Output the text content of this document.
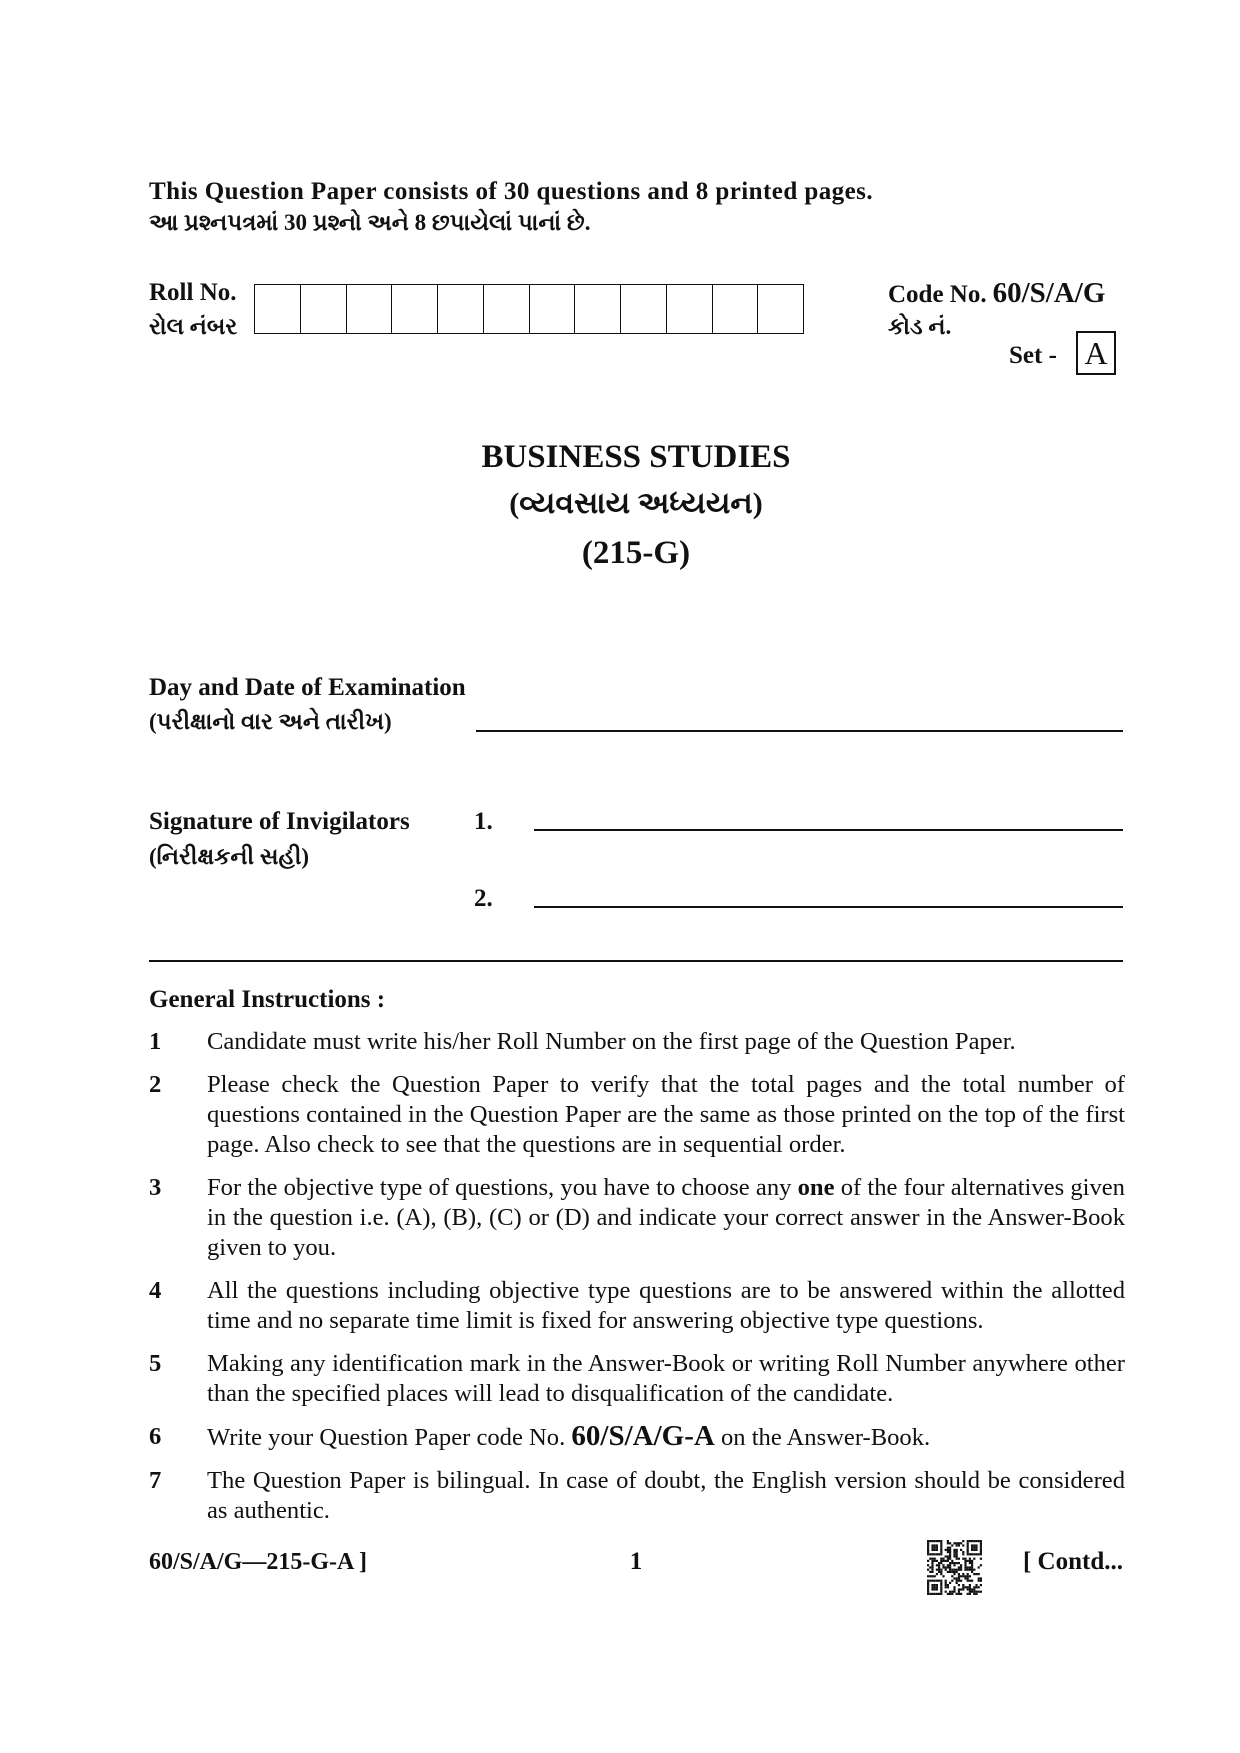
This Question Paper consists of 30 questions and 8 printed pages.
આ પ્રશ્નપત્રમાં 30 પ્રશ્નો અને 8 છપાયેલાં પાનાં છે.
Roll No.
રોલ નંબર
Code No. 60/S/A/G
કોડ નં.
Set - A
BUSINESS STUDIES
(વ્યવસાય અધ્યયન)
(215-G)
Day and Date of Examination
(પરીક્ષાનો વાર અને તારીખ)
Signature of Invigilators
(નિરીક્ષકની સહી)
1.
2.
General Instructions :
1	Candidate must write his/her Roll Number on the first page of the Question Paper.
2	Please check the Question Paper to verify that the total pages and the total number of questions contained in the Question Paper are the same as those printed on the top of the first page. Also check to see that the questions are in sequential order.
3	For the objective type of questions, you have to choose any one of the four alternatives given in the question i.e. (A), (B), (C) or (D) and indicate your correct answer in the Answer-Book given to you.
4	All the questions including objective type questions are to be answered within the allotted time and no separate time limit is fixed for answering objective type questions.
5	Making any identification mark in the Answer-Book or writing Roll Number anywhere other than the specified places will lead to disqualification of the candidate.
6	Write your Question Paper code No. 60/S/A/G-A on the Answer-Book.
7	The Question Paper is bilingual. In case of doubt, the English version should be considered as authentic.
60/S/A/G—215-G-A ]	1	[ Contd...
